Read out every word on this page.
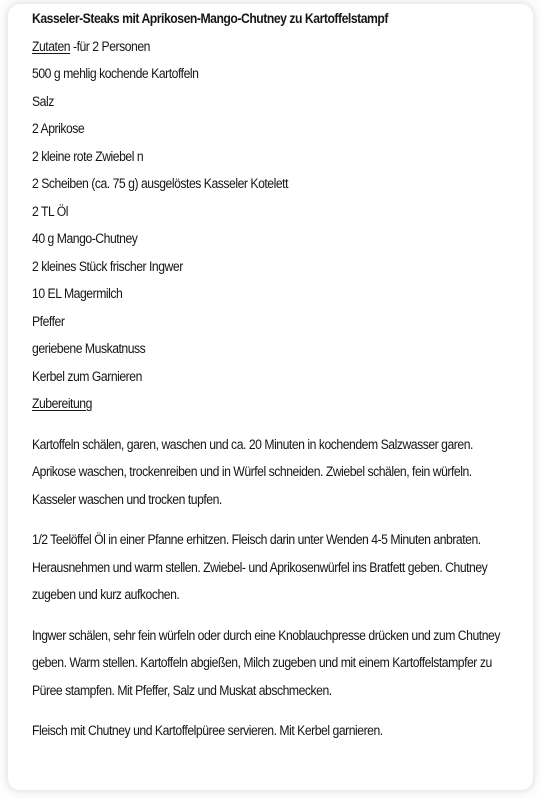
Kasseler-Steaks mit Aprikosen-Mango-Chutney zu Kartoffelstampf
Zutaten -für 2 Personen
500 g mehlig kochende Kartoffeln
Salz
2 Aprikose
2 kleine rote Zwiebel n
2 Scheiben (ca. 75 g) ausgelöstes Kasseler Kotelett
2 TL Öl
40 g Mango-Chutney
2 kleines Stück frischer Ingwer
10 EL Magermilch
Pfeffer
geriebene Muskatnuss
Kerbel zum Garnieren
Zubereitung
Kartoffeln schälen, garen, waschen und ca. 20 Minuten in kochendem Salzwasser garen.
Aprikose waschen, trockenreiben und in Würfel schneiden. Zwiebel schälen, fein würfeln.
Kasseler waschen und trocken tupfen.
1/2 Teelöffel Öl in einer Pfanne erhitzen. Fleisch darin unter Wenden 4-5 Minuten anbraten.
Herausnehmen und warm stellen. Zwiebel- und Aprikosenwürfel ins Bratfett geben. Chutney
zugeben und kurz aufkochen.
Ingwer schälen, sehr fein würfeln oder durch eine Knoblauchpresse drücken und zum Chutney
geben. Warm stellen. Kartoffeln abgießen, Milch zugeben und mit einem Kartoffelstampfer zu
Püree stampfen. Mit Pfeffer, Salz und Muskat abschmecken.
Fleisch mit Chutney und Kartoffelpüree servieren. Mit Kerbel garnieren.
